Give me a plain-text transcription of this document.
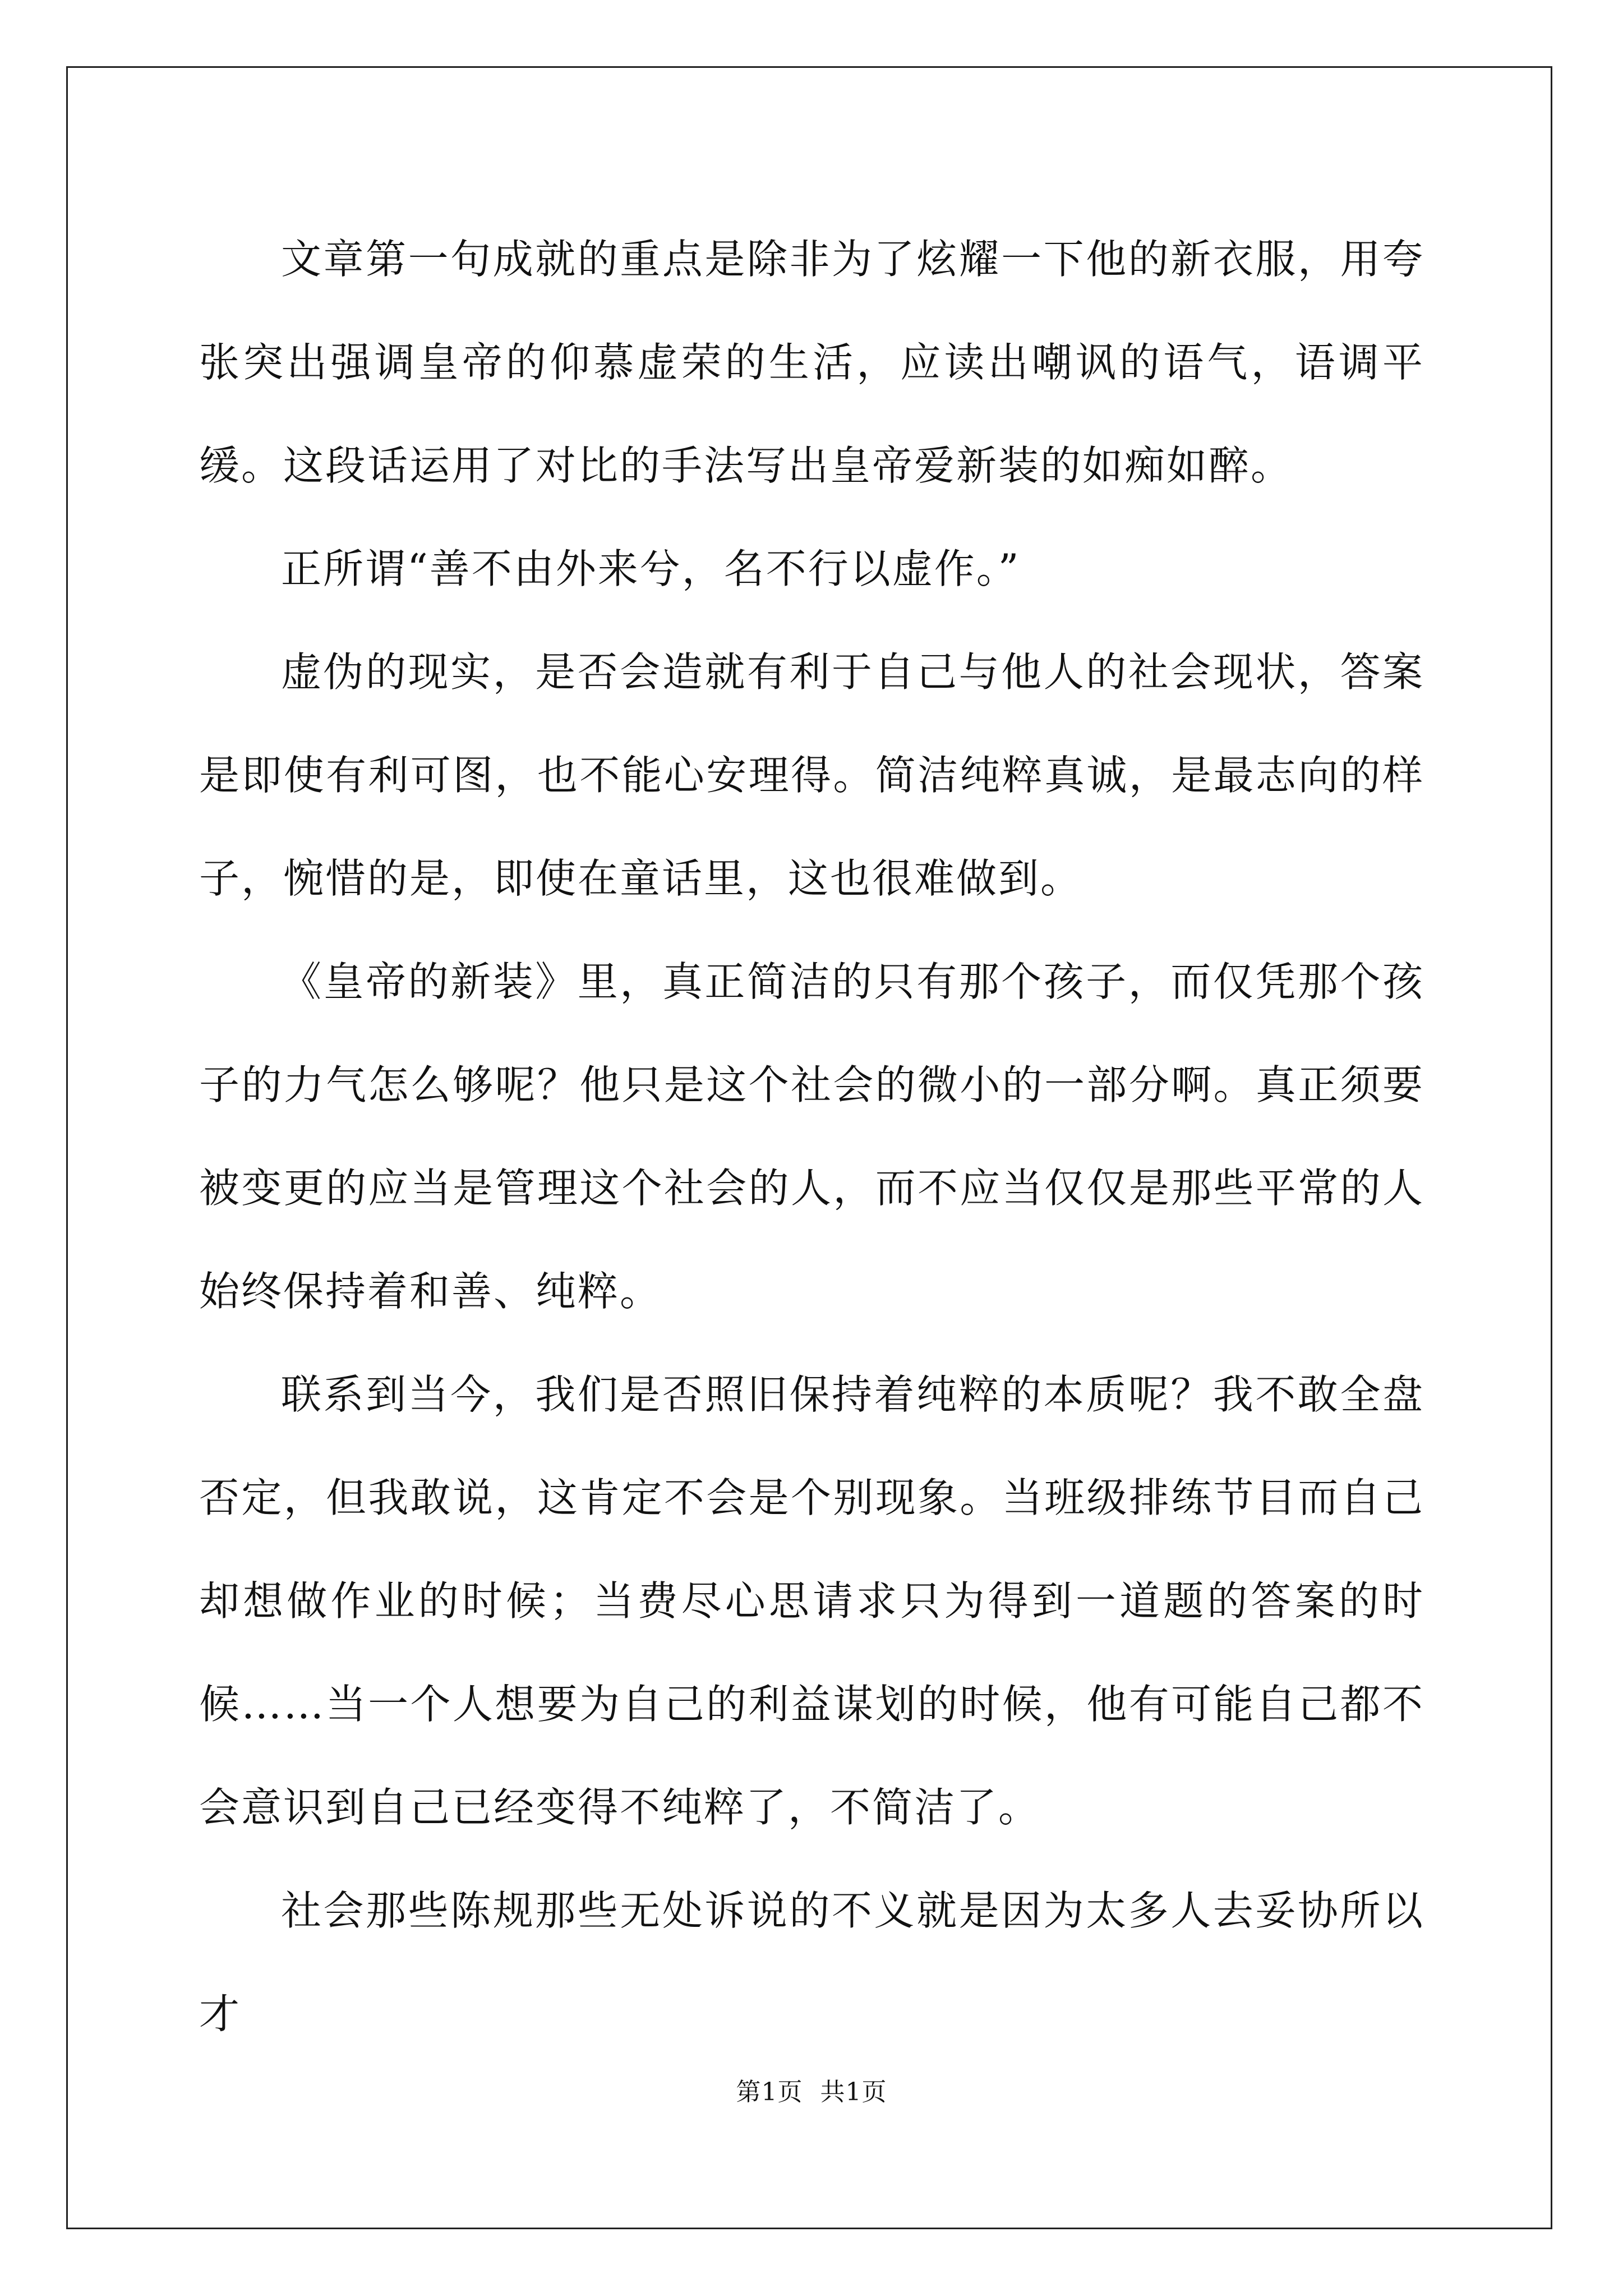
文章第一句成就的重点是除非为了炫耀一下他的新衣服，用夸张突出强调皇帝的仰慕虚荣的生活，应读出嘲讽的语气，语调平缓。这段话运用了对比的手法写出皇帝爱新装的如痴如醉。

正所谓“善不由外来兮，名不行以虚作。”

虚伪的现实，是否会造就有利于自己与他人的社会现状，答案是即使有利可图，也不能心安理得。简洁纯粹真诚，是最志向的样子，惋惜的是，即使在童话里，这也很难做到。

《皇帝的新装》里，真正简洁的只有那个孩子，而仅凭那个孩子的力气怎么够呢？他只是这个社会的微小的一部分啊。真正须要被变更的应当是管理这个社会的人，而不应当仅仅是那些平常的人始终保持着和善、纯粹。

联系到当今，我们是否照旧保持着纯粹的本质呢？我不敢全盘否定，但我敢说，这肯定不会是个别现象。当班级排练节目而自己却想做作业的时候；当费尽心思请求只为得到一道题的答案的时候……当一个人想要为自己的利益谋划的时候，他有可能自己都不会意识到自己已经变得不纯粹了，不简洁了。

社会那些陈规那些无处诉说的不义就是因为太多人去妥协所以才

第1页 共1页
